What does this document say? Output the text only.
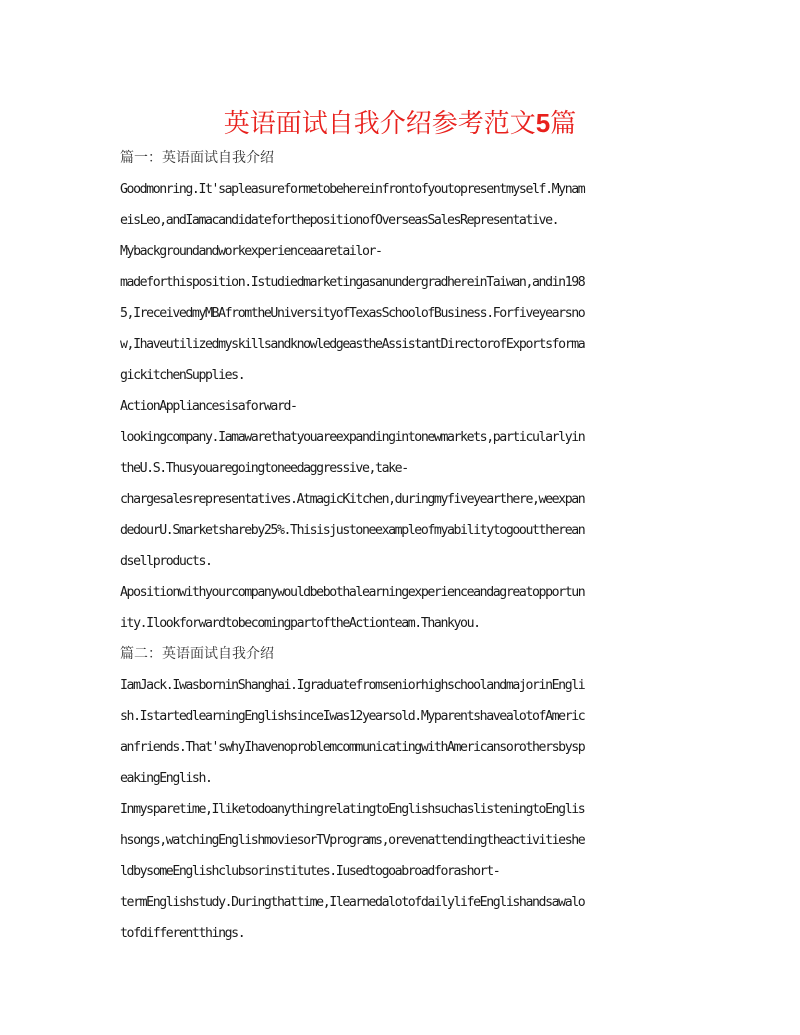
英语面试自我介绍参考范文5篇
篇一：英语面试自我介绍
Goodmonring.It'sapleasureformetobehereinfrontofyoutopresentmyself.Mynam
eisLeo,andIamacandidateforthepositionofOverseasSalesRepresentative.
Mybackgroundandworkexperienceaaretailor-
madeforthisposition.IstudiedmarketingasanundergradhereinTaiwan,andin198
5,IreceivedmyMBAfromtheUniversityofTexasSchoolofBusiness.Forfiveyearsno
w,IhaveutilizedmyskillsandknowledgeastheAssistantDirectorofExportsforma
gickitchenSupplies.
ActionAppliancesisaforward-
lookingcompany.Iamawarethatyouareexpandingintonewmarkets,particularlyin
theU.S.Thusyouaregoingtoneedaggressive,take-
chargesalesrepresentatives.AtmagicKitchen,duringmyfiveyearthere,weexpan
dedourU.Smarketshareby25%.Thisisjustoneexampleofmyabilitytogoouttherean
dsellproducts.
Apositionwithyourcompanywouldbebothalearningexperienceandagreatopportun
ity.IlookforwardtobecomingpartoftheActionteam.Thankyou.
篇二：英语面试自我介绍
IamJack.IwasborninShanghai.IgraduatefromseniorhighschoolandmajorinEngli
sh.IstartedlearningEnglishsinceIwas12yearsold.MyparentshavealotofAmeric
anfriends.That'swhyIhavenoproblemcommunicatingwithAmericansorothersbysp
eakingEnglish.
Inmysparetime,IliketodoanythingrelatingtoEnglishsuchaslisteningtoEnglis
hsongs,watchingEnglishmoviesorTVprograms,orevenattendingtheactivitieshe
ldbysomeEnglishclubsorinstitutes.Iusedtogoabroadforashort-
termEnglishstudy.Duringthattime,IlearnedalotofdailylifeEnglishandsawalo
tofdifferentthings.
